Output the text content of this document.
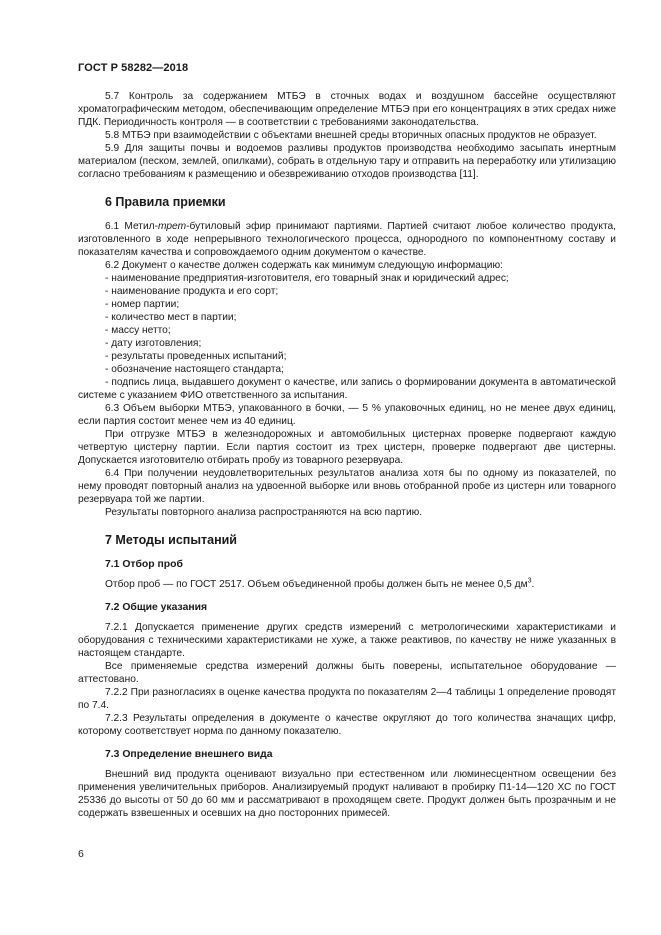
ГОСТ Р 58282—2018

5.7 Контроль за содержанием МТБЭ в сточных водах и воздушном бассейне осуществляют хроматографическим методом, обеспечивающим определение МТБЭ при его концентрациях в этих средах ниже ПДК. Периодичность контроля — в соответствии с требованиями законодательства.

5.8 МТБЭ при взаимодействии с объектами внешней среды вторичных опасных продуктов не образует.

5.9 Для защиты почвы и водоемов разливы продуктов производства необходимо засыпать инертным материалом (песком, землей, опилками), собрать в отдельную тару и отправить на переработку или утилизацию согласно требованиям к размещению и обезвреживанию отходов производства [11].

6 Правила приемки

6.1 Метил-трет-бутиловый эфир принимают партиями. Партией считают любое количество продукта, изготовленного в ходе непрерывного технологического процесса, однородного по компонентному составу и показателям качества и сопровождаемого одним документом о качестве.

6.2 Документ о качестве должен содержать как минимум следующую информацию:

- наименование предприятия-изготовителя, его товарный знак и юридический адрес;

- наименование продукта и его сорт;

- номер партии;

- количество мест в партии;

- массу нетто;

- дату изготовления;

- результаты проведенных испытаний;

- обозначение настоящего стандарта;

- подпись лица, выдавшего документ о качестве, или запись о формировании документа в автоматической системе с указанием ФИО ответственного за испытания.

6.3 Объем выборки МТБЭ, упакованного в бочки, — 5 % упаковочных единиц, но не менее двух единиц, если партия состоит менее чем из 40 единиц.

При отгрузке МТБЭ в железнодорожных и автомобильных цистернах проверке подвергают каждую четвертую цистерну партии. Если партия состоит из трех цистерн, проверке подвергают две цистерны. Допускается изготовителю отбирать пробу из товарного резервуара.

6.4 При получении неудовлетворительных результатов анализа хотя бы по одному из показателей, по нему проводят повторный анализ на удвоенной выборке или вновь отобранной пробе из цистерн или товарного резервуара той же партии.

Результаты повторного анализа распространяются на всю партию.

7 Методы испытаний
7.1 Отбор проб

Отбор проб — по ГОСТ 2517. Объем объединенной пробы должен быть не менее 0,5 $дм^3$.

7.2 Общие указания

7.2.1 Допускается применение других средств измерений с метрологическими характеристиками и оборудования с техническими характеристиками не хуже, а также реактивов, по качеству не ниже указанных в настоящем стандарте.

Все применяемые средства измерений должны быть поверены, испытательное оборудование — аттестовано.

7.2.2 При разногласиях в оценке качества продукта по показателям 2—4 таблицы 1 определение проводят по 7.4.

7.2.3 Результаты определения в документе о качестве округляют до того количества значащих цифр, которому соответствует норма по данному показателю.

7.3 Определение внешнего вида

Внешний вид продукта оценивают визуально при естественном или люминесцентном освещении без применения увеличительных приборов. Анализируемый продукт наливают в пробирку П1-14—120 ХС по ГОСТ 25336 до высоты от 50 до 60 мм и рассматривают в проходящем свете. Продукт должен быть прозрачным и не содержать взвешенных и осевших на дно посторонних примесей.

6
